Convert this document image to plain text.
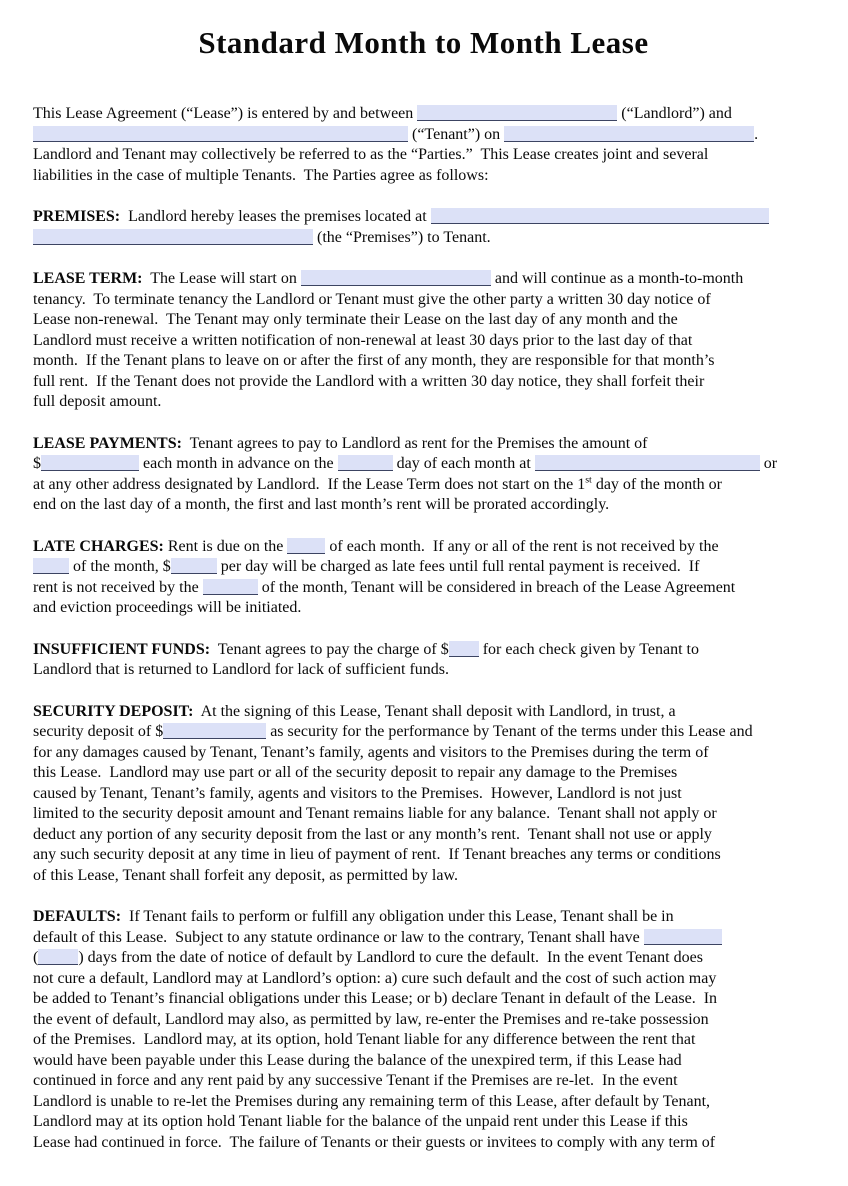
Standard Month to Month Lease
This Lease Agreement (“Lease”) is entered by and between	(“Landlord”) and
(“Tenant”) on	.
Landlord and Tenant may collectively be referred to as the “Parties.”  This Lease creates joint and several
liabilities in the case of multiple Tenants.  The Parties agree as follows:
PREMISES:  Landlord hereby leases the premises located at
(the “Premises”) to Tenant.
LEASE TERM:  The Lease will start on	and will continue as a month-to-month
tenancy.  To terminate tenancy the Landlord or Tenant must give the other party a written 30 day notice of
Lease non-renewal.  The Tenant may only terminate their Lease on the last day of any month and the
Landlord must receive a written notification of non-renewal at least 30 days prior to the last day of that
month.  If the Tenant plans to leave on or after the first of any month, they are responsible for that month’s
full rent.  If the Tenant does not provide the Landlord with a written 30 day notice, they shall forfeit their
full deposit amount.
LEASE PAYMENTS:  Tenant agrees to pay to Landlord as rent for the Premises the amount of
$	each month in advance on the	day of each month at	or
at any other address designated by Landlord.  If the Lease Term does not start on the 1st day of the month or
end on the last day of a month, the first and last month’s rent will be prorated accordingly.
LATE CHARGES: Rent is due on the  of each month.  If any or all of the rent is not received by the
of the month, $	per day will be charged as late fees until full rental payment is received.  If
rent is not received by the	of the month, Tenant will be considered in breach of the Lease Agreement
and eviction proceedings will be initiated.
INSUFFICIENT FUNDS:  Tenant agrees to pay the charge of $ for each check given by Tenant to
Landlord that is returned to Landlord for lack of sufficient funds.
SECURITY DEPOSIT:  At the signing of this Lease, Tenant shall deposit with Landlord, in trust, a
security deposit of $	as security for the performance by Tenant of the terms under this Lease and
for any damages caused by Tenant, Tenant’s family, agents and visitors to the Premises during the term of
this Lease.  Landlord may use part or all of the security deposit to repair any damage to the Premises
caused by Tenant, Tenant’s family, agents and visitors to the Premises.  However, Landlord is not just
limited to the security deposit amount and Tenant remains liable for any balance.  Tenant shall not apply or
deduct any portion of any security deposit from the last or any month’s rent.  Tenant shall not use or apply
any such security deposit at any time in lieu of payment of rent.  If Tenant breaches any terms or conditions
of this Lease, Tenant shall forfeit any deposit, as permitted by law.
DEFAULTS:  If Tenant fails to perform or fulfill any obligation under this Lease, Tenant shall be in
default of this Lease.  Subject to any statute ordinance or law to the contrary, Tenant shall have
(	) days from the date of notice of default by Landlord to cure the default.  In the event Tenant does
not cure a default, Landlord may at Landlord’s option: a) cure such default and the cost of such action may
be added to Tenant’s financial obligations under this Lease; or b) declare Tenant in default of the Lease.  In
the event of default, Landlord may also, as permitted by law, re-enter the Premises and re-take possession
of the Premises.  Landlord may, at its option, hold Tenant liable for any difference between the rent that
would have been payable under this Lease during the balance of the unexpired term, if this Lease had
continued in force and any rent paid by any successive Tenant if the Premises are re-let.  In the event
Landlord is unable to re-let the Premises during any remaining term of this Lease, after default by Tenant,
Landlord may at its option hold Tenant liable for the balance of the unpaid rent under this Lease if this
Lease had continued in force.  The failure of Tenants or their guests or invitees to comply with any term of
